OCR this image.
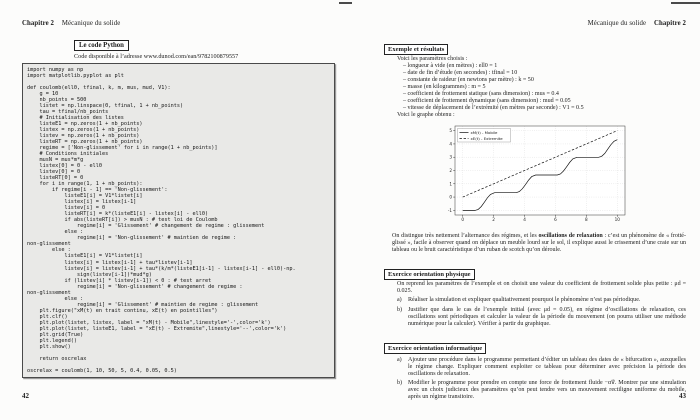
Chapitre 2 Mécanique du solide
Le code Python
Code disponible à l’adresse www.dunod.com/ean/9782100879557
import numpy as np
import matplotlib.pyplot as plt
def coulomb(ell0, tfinal, k, m, mus, mud, V1):
g = 10
nb_points = 500
listet = np.linspace(0, tfinal, 1 + nb_points)
tau = tfinal/nb_points
# Initialisation des listes
listeE1 = np.zeros(1 + nb_points)
listex = np.zeros(1 + nb_points)
listev = np.zeros(1 + nb_points)
listeRT = np.zeros(1 + nb_points)
regime = ['Non-glissement' for i in range(1 + nb_points)]
# Conditions initiales
musN = mus*m*g
listex[0] = 0 - ell0
listev[0] = 0
listeRT[0] = 0
for i in range(1, 1 + nb_points):
if regime[i - 1] == 'Non-glissement':
listeE1[i] = V1*listet[i]
listex[i] = listex[i-1]
listev[i] = 0
listeRT[i] = k*(listeE1[i] - listex[i] - ell0)
if abs(listeRT[i]) > musN : # test loi de Coulomb
regime[i] = 'Glissement' # changement de regime : glissement
else :
regime[i] = 'Non-glissement' # maintien de regime :
non-glissement
else :
listeE1[i] = V1*listet[i]
listex[i] = listex[i-1] + tau*listev[i-1]
listev[i] = listev[i-1] + tau*(k/m*(listeE1[i-1] - listex[i-1] - ell0)-np.
sign(listev[i-1])*mud*g)
if (listev[i] * listev[i-1]) < 0 : # test arret
regime[i] = 'Non-glissement' # changement de regime :
non-glissement
else :
regime[i] = 'Glissement' # maintien de regime : glissement
plt.figure("xM(t) en trait continu, xE(t) en pointilles")
plt.clf()
plt.plot(listet, listex, label = "xM(t) - Mobile",linestyle='-',color='k')
plt.plot(listet, listeE1, label = "xE(t) - Extremite",linestyle='--',color='k')
plt.grid(True)
plt.legend()
plt.show()
return oscrelax
oscrelax = coulomb(1, 10, 50, 5, 0.4, 0.05, 0.5)
42
Mécanique du solide Chapitre 2
Exemple et résultats
Voici les paramètres choisis :
– longueur à vide (en mètres) : ell0 = 1
– date de fin d’étude (en secondes) : tfinal = 10
– constante de raideur (en newtons par mètre) : k = 50
– masse (en kilogrammes) : m = 5
– coefficient de frottement statique (sans dimension) : mus = 0.4
– coefficient de frottement dynamique (sans dimension) : mud = 0.05
– vitesse de déplacement de l’extrémité (en mètres par seconde) : V1 = 0.5
Voici le graphe obtenu :
0	2	4	6	8	10
-1
0
1
2
3
4
5	xM(t) - Mobile
xE(t) - Extremite
On distingue très nettement l’alternance des régimes, et les oscillations de relaxation : c’est un phénomène de « frotté-glissé », facile à observer quand on déplace un meuble lourd sur le sol, il explique aussi le crissement d’une craie sur un tableau ou le bruit caractéristique d’un ruban de scotch qu’on déroule.
Exercice orientation physique
On reprend les paramètres de l’exemple et on choisit une valeur du coefficient de frottement solide plus petite : μd = 0.025.
a)	Réaliser la simulation et expliquer qualitativement pourquoi le phénomène n’est pas périodique.
b) Justifier que dans le cas de l’exemple initial (avec μd = 0.05), en régime d’oscillations de relaxation, ces oscillations sont périodiques et calculer la valeur de la période du mouvement (on pourra utiliser une méthode numérique pour la calculer). Vérifier à partir du graphique.
Exercice orientation informatique
a)	Ajouter une procédure dans le programme permettant d’éditer un tableau des dates de « bifurcation », auxquelles le régime change. Expliquer comment exploiter ce tableau pour déterminer avec précision la période des oscillations de relaxation.
b) Modifier le programme pour prendre en compte une force de frottement fluide −αv⃗. Montrer par une simulation avec un choix judicieux des paramètres qu’on peut tendre vers un mouvement rectiligne uniforme du mobile, après un régime transitoire.	43
